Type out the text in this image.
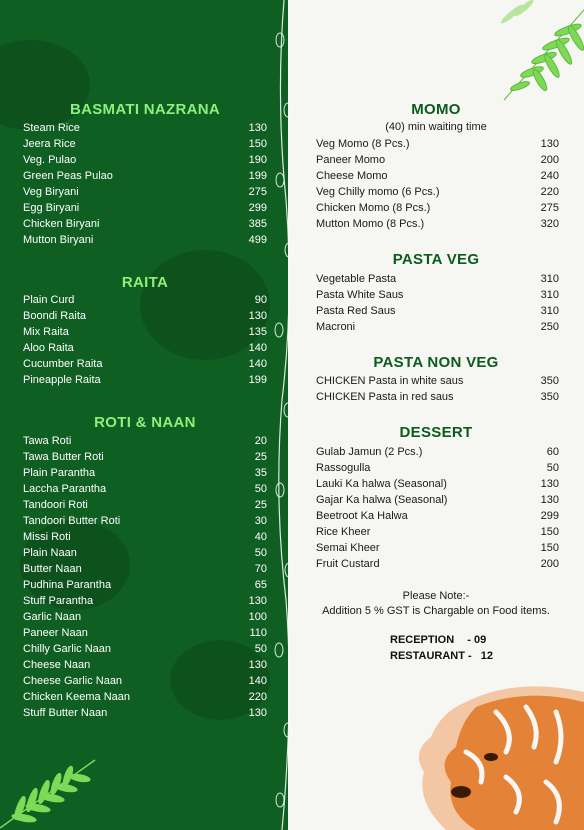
BASMATI NAZRANA
Steam Rice	130
Jeera Rice	150
Veg. Pulao	190
Green Peas Pulao	199
Veg Biryani	275
Egg Biryani	299
Chicken Biryani	385
Mutton Biryani	499
RAITA
Plain Curd	90
Boondi Raita	130
Mix Raita	135
Aloo Raita	140
Cucumber Raita	140
Pineapple Raita	199
ROTI & NAAN
Tawa Roti	20
Tawa Butter Roti	25
Plain Parantha	35
Laccha Parantha	50
Tandoori Roti	25
Tandoori Butter Roti	30
Missi Roti	40
Plain Naan	50
Butter Naan	70
Pudhina Parantha	65
Stuff Parantha	130
Garlic Naan	100
Paneer Naan	110
Chilly Garlic Naan	50
Cheese Naan	130
Cheese Garlic Naan	140
Chicken Keema Naan	220
Stuff Butter Naan	130
MOMO
(40) min waiting time
Veg Momo (8 Pcs.)	130
Paneer Momo	200
Cheese Momo	240
Veg Chilly momo (6 Pcs.)	220
Chicken Momo (8 Pcs.)	275
Mutton Momo (8 Pcs.)	320
PASTA VEG
Vegetable Pasta	310
Pasta White Saus	310
Pasta Red Saus	310
Macroni	250
PASTA NON VEG
CHICKEN Pasta in white saus	350
CHICKEN Pasta in red saus	350
DESSERT
Gulab Jamun (2 Pcs.)	60
Rassogulla	50
Lauki Ka halwa (Seasonal)	130
Gajar Ka halwa (Seasonal)	130
Beetroot Ka Halwa	299
Rice Kheer	150
Semai Kheer	150
Fruit Custard	200
Please Note:-
Addition 5 % GST is Chargable on Food items.
RECEPTION - 09
RESTAURANT - 12
